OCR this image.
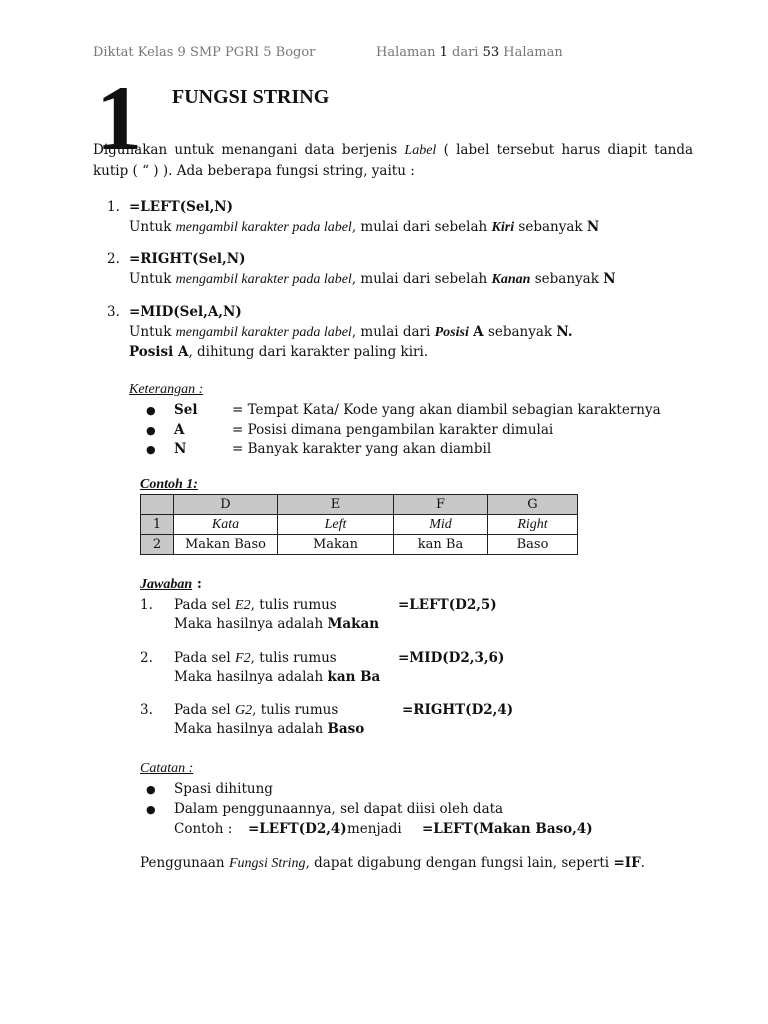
Diktat Kelas 9 SMP PGRI 5 Bogor	Halaman 1 dari 53 Halaman
1 FUNGSI STRING
Digunakan untuk menangani data berjenis Label ( label tersebut harus diapit tanda
kutip ( “ ) ). Ada beberapa fungsi string, yaitu :
1. =LEFT(Sel,N)
Untuk mengambil karakter pada label, mulai dari sebelah Kiri sebanyak N
2. =RIGHT(Sel,N)
Untuk mengambil karakter pada label, mulai dari sebelah Kanan sebanyak N
3. =MID(Sel,A,N)
Untuk mengambil karakter pada label, mulai dari Posisi A sebanyak N.
Posisi A, dihitung dari karakter paling kiri.
Keterangan :
● Sel	= Tempat Kata/ Kode yang akan diambil sebagian karakternya
● A	= Posisi dimana pengambilan karakter dimulai
● N	= Banyak karakter yang akan diambil
Contoh 1:
	D	E	F	G
1	Kata	Left	Mid	Right
2	Makan Baso	Makan	kan Ba	Baso
Jawaban :
1. Pada sel E2, tulis rumus	=LEFT(D2,5)
Maka hasilnya adalah Makan
2. Pada sel F2, tulis rumus	=MID(D2,3,6)
Maka hasilnya adalah kan Ba
3. Pada sel G2, tulis rumus	=RIGHT(D2,4)
Maka hasilnya adalah Baso
Catatan :
● Spasi dihitung
● Dalam penggunaannya, sel dapat diisi oleh data
Contoh : =LEFT(D2,4) menjadi =LEFT(Makan Baso,4)
Penggunaan Fungsi String, dapat digabung dengan fungsi lain, seperti =IF.
